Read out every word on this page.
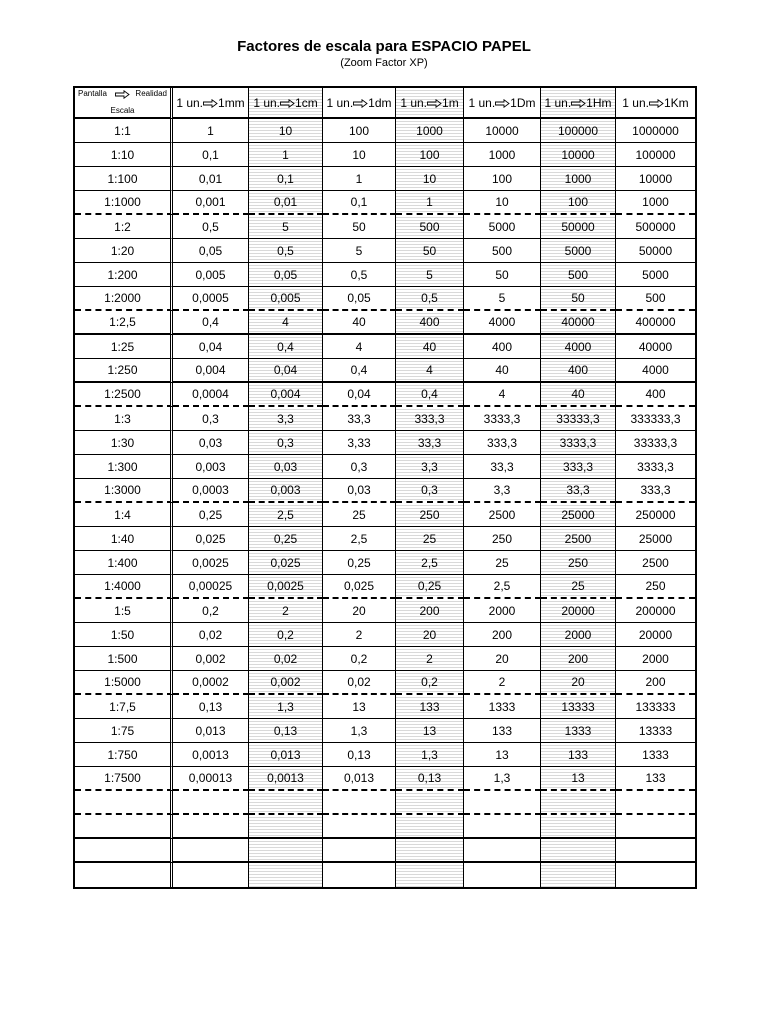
Factores de escala para ESPACIO PAPEL
(Zoom Factor XP)
Pantalla Realidad
Escala	1 un. 1mm	1 un. 1cm	1 un. 1dm	1 un. 1m	1 un. 1Dm	1 un. 1Hm	1 un. 1Km
1:1	1	10	100	1000	10000	100000	1000000
1:10	0,1	1	10	100	1000	10000	100000
1:100	0,01	0,1	1	10	100	1000	10000
1:1000	0,001	0,01	0,1	1	10	100	1000
1:2	0,5	5	50	500	5000	50000	500000
1:20	0,05	0,5	5	50	500	5000	50000
1:200	0,005	0,05	0,5	5	50	500	5000
1:2000	0,0005	0,005	0,05	0,5	5	50	500
1:2,5	0,4	4	40	400	4000	40000	400000
1:25	0,04	0,4	4	40	400	4000	40000
1:250	0,004	0,04	0,4	4	40	400	4000
1:2500	0,0004	0,004	0,04	0,4	4	40	400
1:3	0,3	3,3	33,3	333,3	3333,3	33333,3	333333,3
1:30	0,03	0,3	3,33	33,3	333,3	3333,3	33333,3
1:300	0,003	0,03	0,3	3,3	33,3	333,3	3333,3
1:3000	0,0003	0,003	0,03	0,3	3,3	33,3	333,3
1:4	0,25	2,5	25	250	2500	25000	250000
1:40	0,025	0,25	2,5	25	250	2500	25000
1:400	0,0025	0,025	0,25	2,5	25	250	2500
1:4000	0,00025	0,0025	0,025	0,25	2,5	25	250
1:5	0,2	2	20	200	2000	20000	200000
1:50	0,02	0,2	2	20	200	2000	20000
1:500	0,002	0,02	0,2	2	20	200	2000
1:5000	0,0002	0,002	0,02	0,2	2	20	200
1:7,5	0,13	1,3	13	133	1333	13333	133333
1:75	0,013	0,13	1,3	13	133	1333	13333
1:750	0,0013	0,013	0,13	1,3	13	133	1333
1:7500	0,00013	0,0013	0,013	0,13	1,3	13	133
